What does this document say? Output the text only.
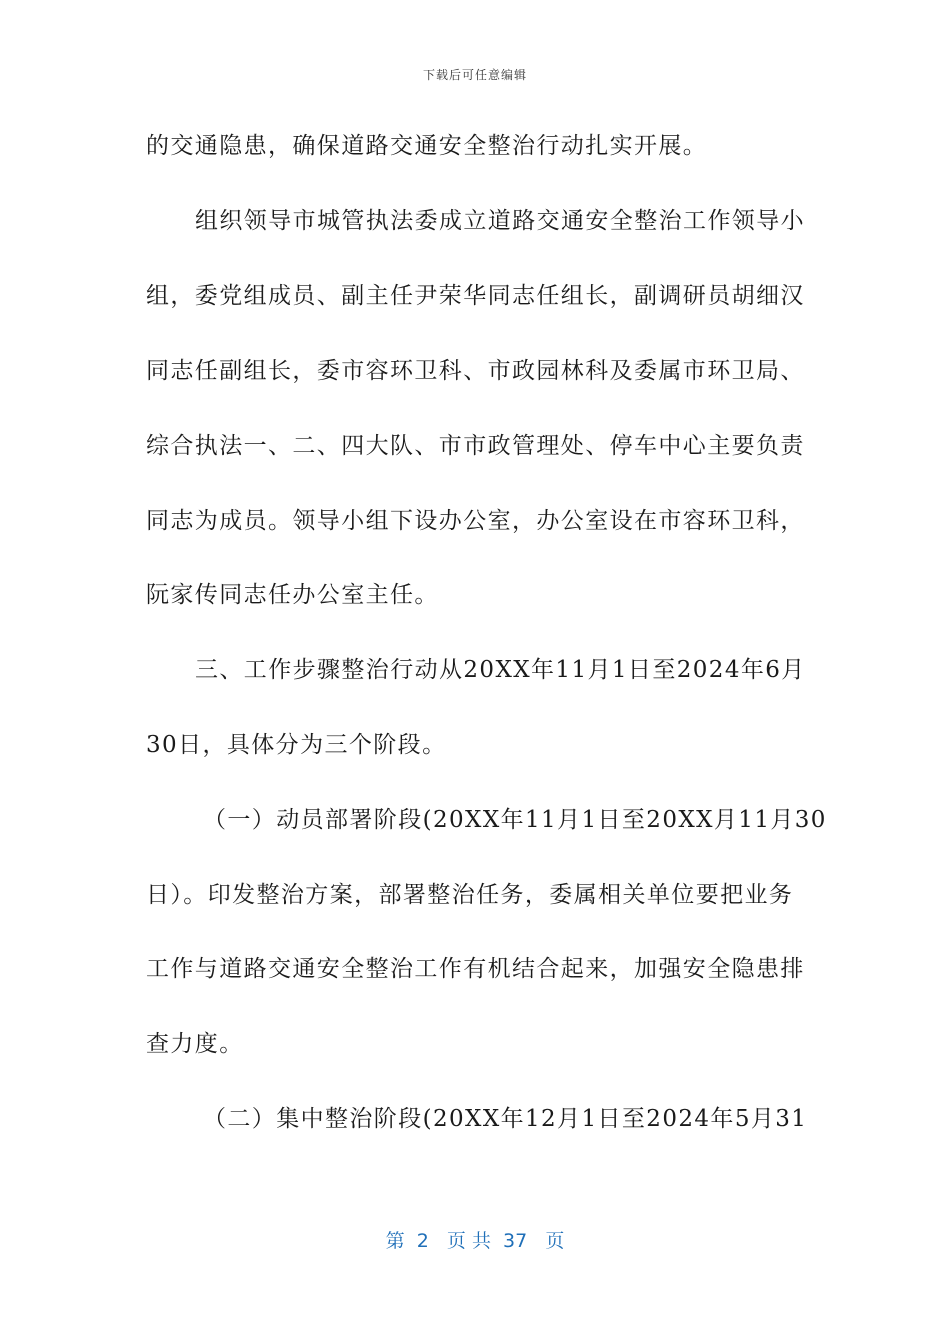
下载后可任意编辑
的交通隐患，确保道路交通安全整治行动扎实开展。
组织领导市城管执法委成立道路交通安全整治工作领导小
组，委党组成员、副主任尹荣华同志任组长，副调研员胡细汉
同志任副组长，委市容环卫科、市政园林科及委属市环卫局、
综合执法一、二、四大队、市市政管理处、停车中心主要负责
同志为成员。领导小组下设办公室，办公室设在市容环卫科，
阮家传同志任办公室主任。
三、工作步骤整治行动从20XX年11月1日至2024年6月
30日，具体分为三个阶段。
（一）动员部署阶段(20XX年11月1日至20XX月11月30
日）。印发整治方案，部署整治任务，委属相关单位要把业务
工作与道路交通安全整治工作有机结合起来，加强安全隐患排
查力度。
（二）集中整治阶段(20XX年12月1日至2024年5月31
第  2   页 共  37   页
